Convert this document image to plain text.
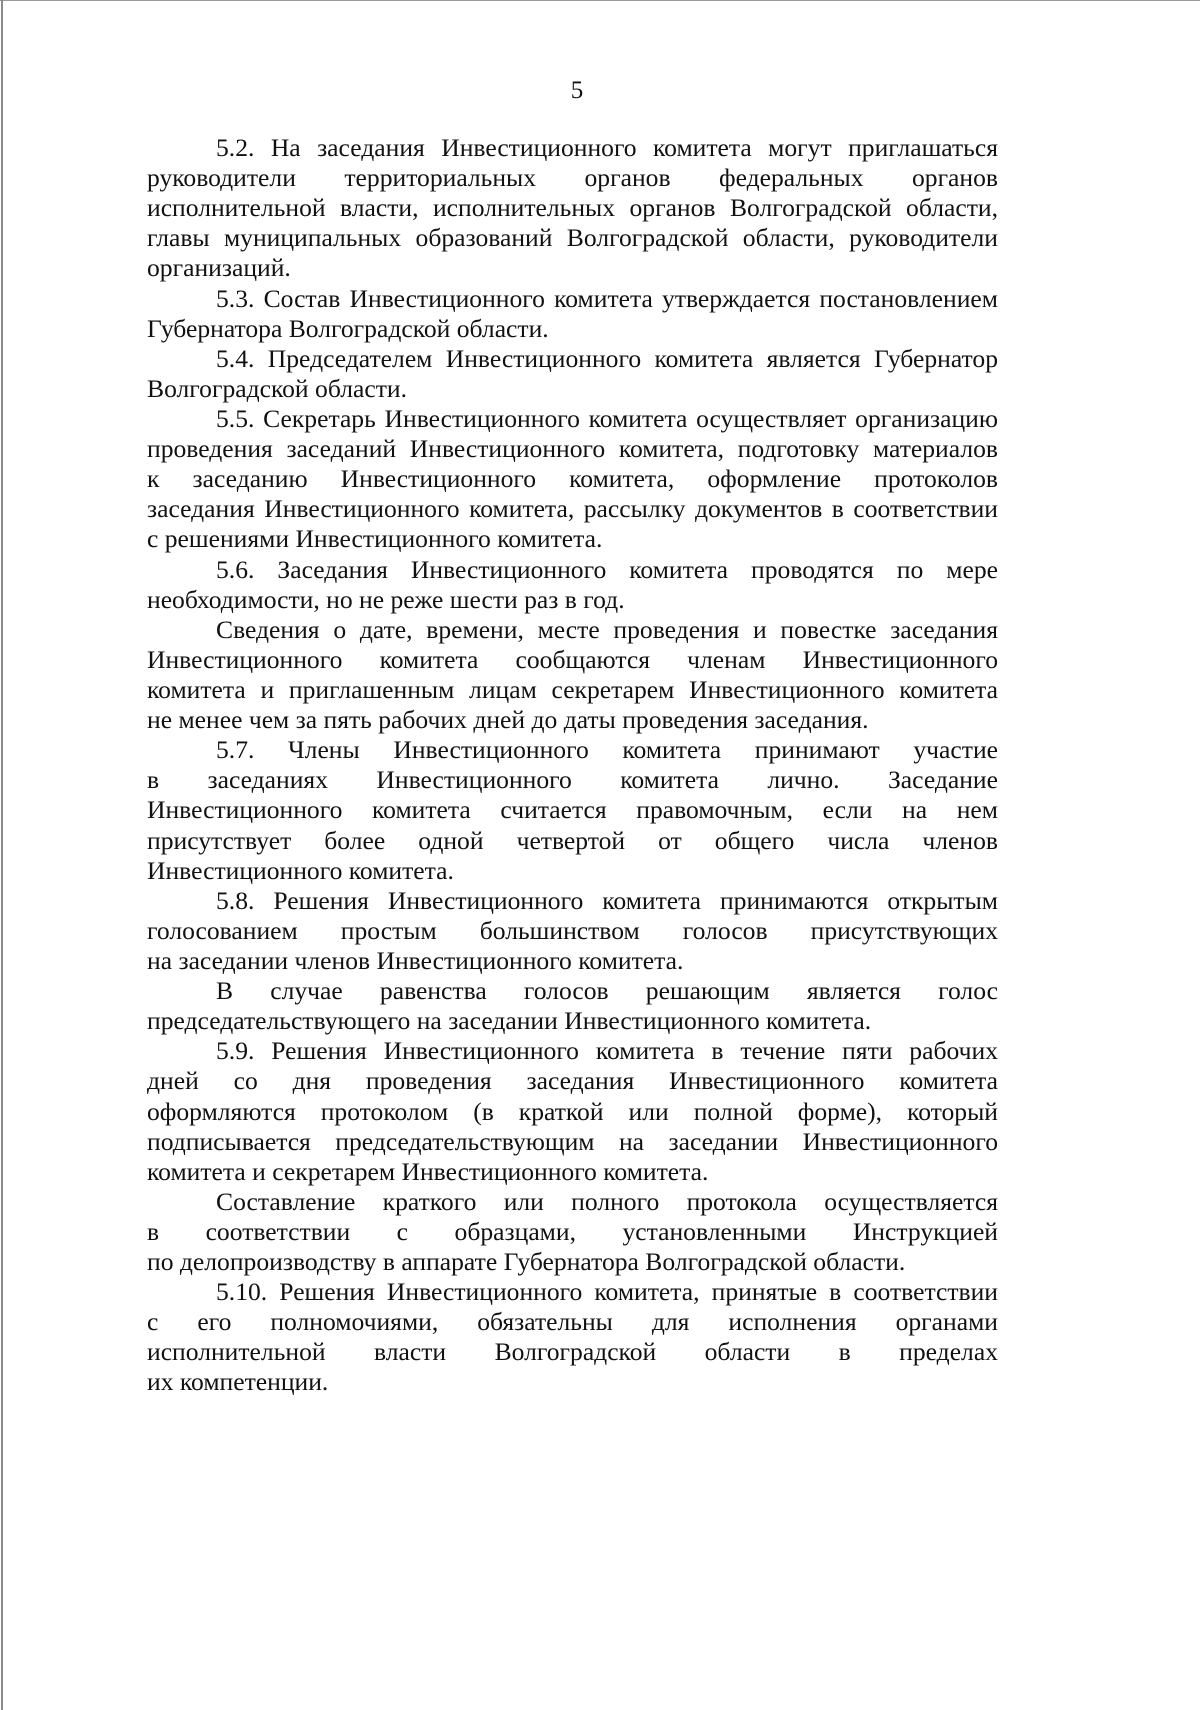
5
5.2. На заседания Инвестиционного комитета могут приглашаться
руководители территориальных органов федеральных органов
исполнительной власти, исполнительных органов Волгоградской области,
главы муниципальных образований Волгоградской области, руководители
организаций.
5.3. Состав Инвестиционного комитета утверждается постановлением
Губернатора Волгоградской области.
5.4. Председателем Инвестиционного комитета является Губернатор
Волгоградской области.
5.5. Секретарь Инвестиционного комитета осуществляет организацию
проведения заседаний Инвестиционного комитета, подготовку материалов
к заседанию Инвестиционного комитета, оформление протоколов
заседания Инвестиционного комитета, рассылку документов в соответствии
с решениями Инвестиционного комитета.
5.6. Заседания Инвестиционного комитета проводятся по мере
необходимости, но не реже шести раз в год.
Сведения о дате, времени, месте проведения и повестке заседания
Инвестиционного комитета сообщаются членам Инвестиционного
комитета и приглашенным лицам секретарем Инвестиционного комитета
не менее чем за пять рабочих дней до даты проведения заседания.
5.7. Члены Инвестиционного комитета принимают участие
в заседаниях Инвестиционного комитета лично. Заседание
Инвестиционного комитета считается правомочным, если на нем
присутствует более одной четвертой от общего числа членов
Инвестиционного комитета.
5.8. Решения Инвестиционного комитета принимаются открытым
голосованием простым большинством голосов присутствующих
на заседании членов Инвестиционного комитета.
В случае равенства голосов решающим является голос
председательствующего на заседании Инвестиционного комитета.
5.9. Решения Инвестиционного комитета в течение пяти рабочих
дней со дня проведения заседания Инвестиционного комитета
оформляются протоколом (в краткой или полной форме), который
подписывается председательствующим на заседании Инвестиционного
комитета и секретарем Инвестиционного комитета.
Составление краткого или полного протокола осуществляется
в соответствии с образцами, установленными Инструкцией
по делопроизводству в аппарате Губернатора Волгоградской области.
5.10. Решения Инвестиционного комитета, принятые в соответствии
с его полномочиями, обязательны для исполнения органами
исполнительной власти Волгоградской области в пределах
их компетенции.
